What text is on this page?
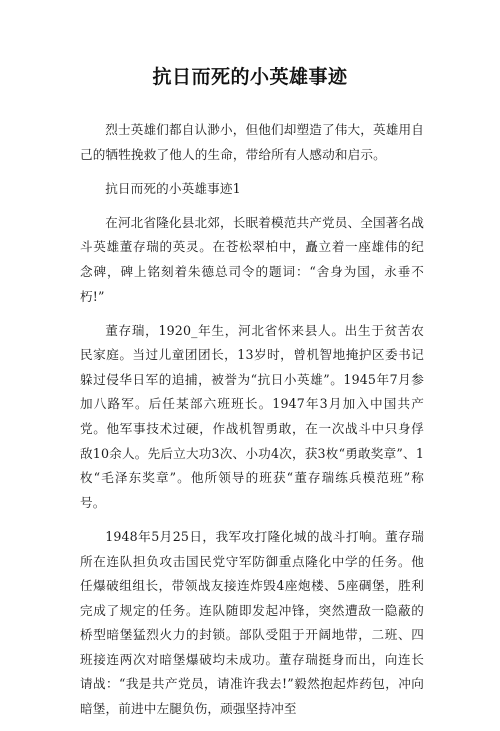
抗日而死的小英雄事迹

烈士英雄们都自认渺小，但他们却塑造了伟大，英雄用自己的牺牲挽救了他人的生命，带给所有人感动和启示。

抗日而死的小英雄事迹1

在河北省隆化县北郊，长眠着模范共产党员、全国著名战斗英雄董存瑞的英灵。在苍松翠柏中，矗立着一座雄伟的纪念碑，碑上铭刻着朱德总司令的题词：“舍身为国，永垂不朽!”

董存瑞，1920_年生，河北省怀来县人。出生于贫苦农民家庭。当过儿童团团长，13岁时，曾机智地掩护区委书记躲过侵华日军的追捕，被誉为“抗日小英雄”。1945年7月参加八路军。后任某部六班班长。1947年3月加入中国共产党。他军事技术过硬，作战机智勇敢，在一次战斗中只身俘敌10余人。先后立大功3次、小功4次，获3枚“勇敢奖章”、1枚“毛泽东奖章”。他所领导的班获“董存瑞练兵模范班”称号。

1948年5月25日，我军攻打隆化城的战斗打响。董存瑞所在连队担负攻击国民党守军防御重点隆化中学的任务。他任爆破组组长，带领战友接连炸毁4座炮楼、5座碉堡，胜利完成了规定的任务。连队随即发起冲锋，突然遭敌一隐蔽的桥型暗堡猛烈火力的封锁。部队受阻于开阔地带，二班、四班接连两次对暗堡爆破均未成功。董存瑞挺身而出，向连长请战：“我是共产党员，请准许我去!”毅然抱起炸药包，冲向暗堡，前进中左腿负伤，顽强坚持冲至
